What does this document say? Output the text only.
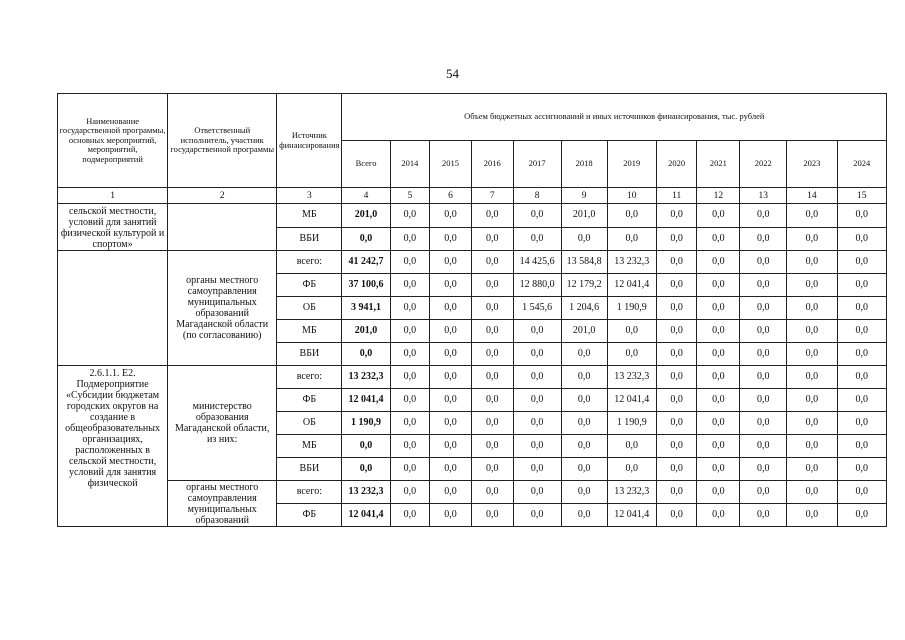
54
Наименование государственной программы, основных мероприятий, мероприятий, подмероприятий	Ответственный исполнитель, участник государственной программы	Источник финансирования	Объем бюджетных ассигнований и иных источников финансирования, тыс. рублей											
			Всего	2014	2015	2016	2017	2018	2019	2020	2021	2022	2023	2024
1	2	3	4	5	6	7	8	9	10	11	12	13	14	15
сельской местности, условий для занятий физической культурой и спортом»		МБ	201,0	0,0	0,0	0,0	0,0	201,0	0,0	0,0	0,0	0,0	0,0	0,0
		ВБИ	0,0	0,0	0,0	0,0	0,0	0,0	0,0	0,0	0,0	0,0	0,0	0,0
	органы местного самоуправления муниципальных образований Магаданской области (по согласованию)	всего:	41 242,7	0,0	0,0	0,0	14 425,6	13 584,8	13 232,3	0,0	0,0	0,0	0,0	0,0
		ФБ	37 100,6	0,0	0,0	0,0	12 880,0	12 179,2	12 041,4	0,0	0,0	0,0	0,0	0,0
		ОБ	3 941,1	0,0	0,0	0,0	1 545,6	1 204,6	1 190,9	0,0	0,0	0,0	0,0	0,0
		МБ	201,0	0,0	0,0	0,0	0,0	201,0	0,0	0,0	0,0	0,0	0,0	0,0
		ВБИ	0,0	0,0	0,0	0,0	0,0	0,0	0,0	0,0	0,0	0,0	0,0	0,0
2.6.1.1. E2. Подмероприятие «Субсидии бюджетам городских округов на создание в общеобразовательных организациях, расположенных в сельской местности, условий для занятия физической	министерство образования Магаданской области, из них:	всего:	13 232,3	0,0	0,0	0,0	0,0	0,0	13 232,3	0,0	0,0	0,0	0,0	0,0
		ФБ	12 041,4	0,0	0,0	0,0	0,0	0,0	12 041,4	0,0	0,0	0,0	0,0	0,0
		ОБ	1 190,9	0,0	0,0	0,0	0,0	0,0	1 190,9	0,0	0,0	0,0	0,0	0,0
		МБ	0,0	0,0	0,0	0,0	0,0	0,0	0,0	0,0	0,0	0,0	0,0	0,0
		ВБИ	0,0	0,0	0,0	0,0	0,0	0,0	0,0	0,0	0,0	0,0	0,0	0,0
	органы местного самоуправления муниципальных образований	всего:	13 232,3	0,0	0,0	0,0	0,0	0,0	13 232,3	0,0	0,0	0,0	0,0	0,0
		ФБ	12 041,4	0,0	0,0	0,0	0,0	0,0	12 041,4	0,0	0,0	0,0	0,0	0,0
